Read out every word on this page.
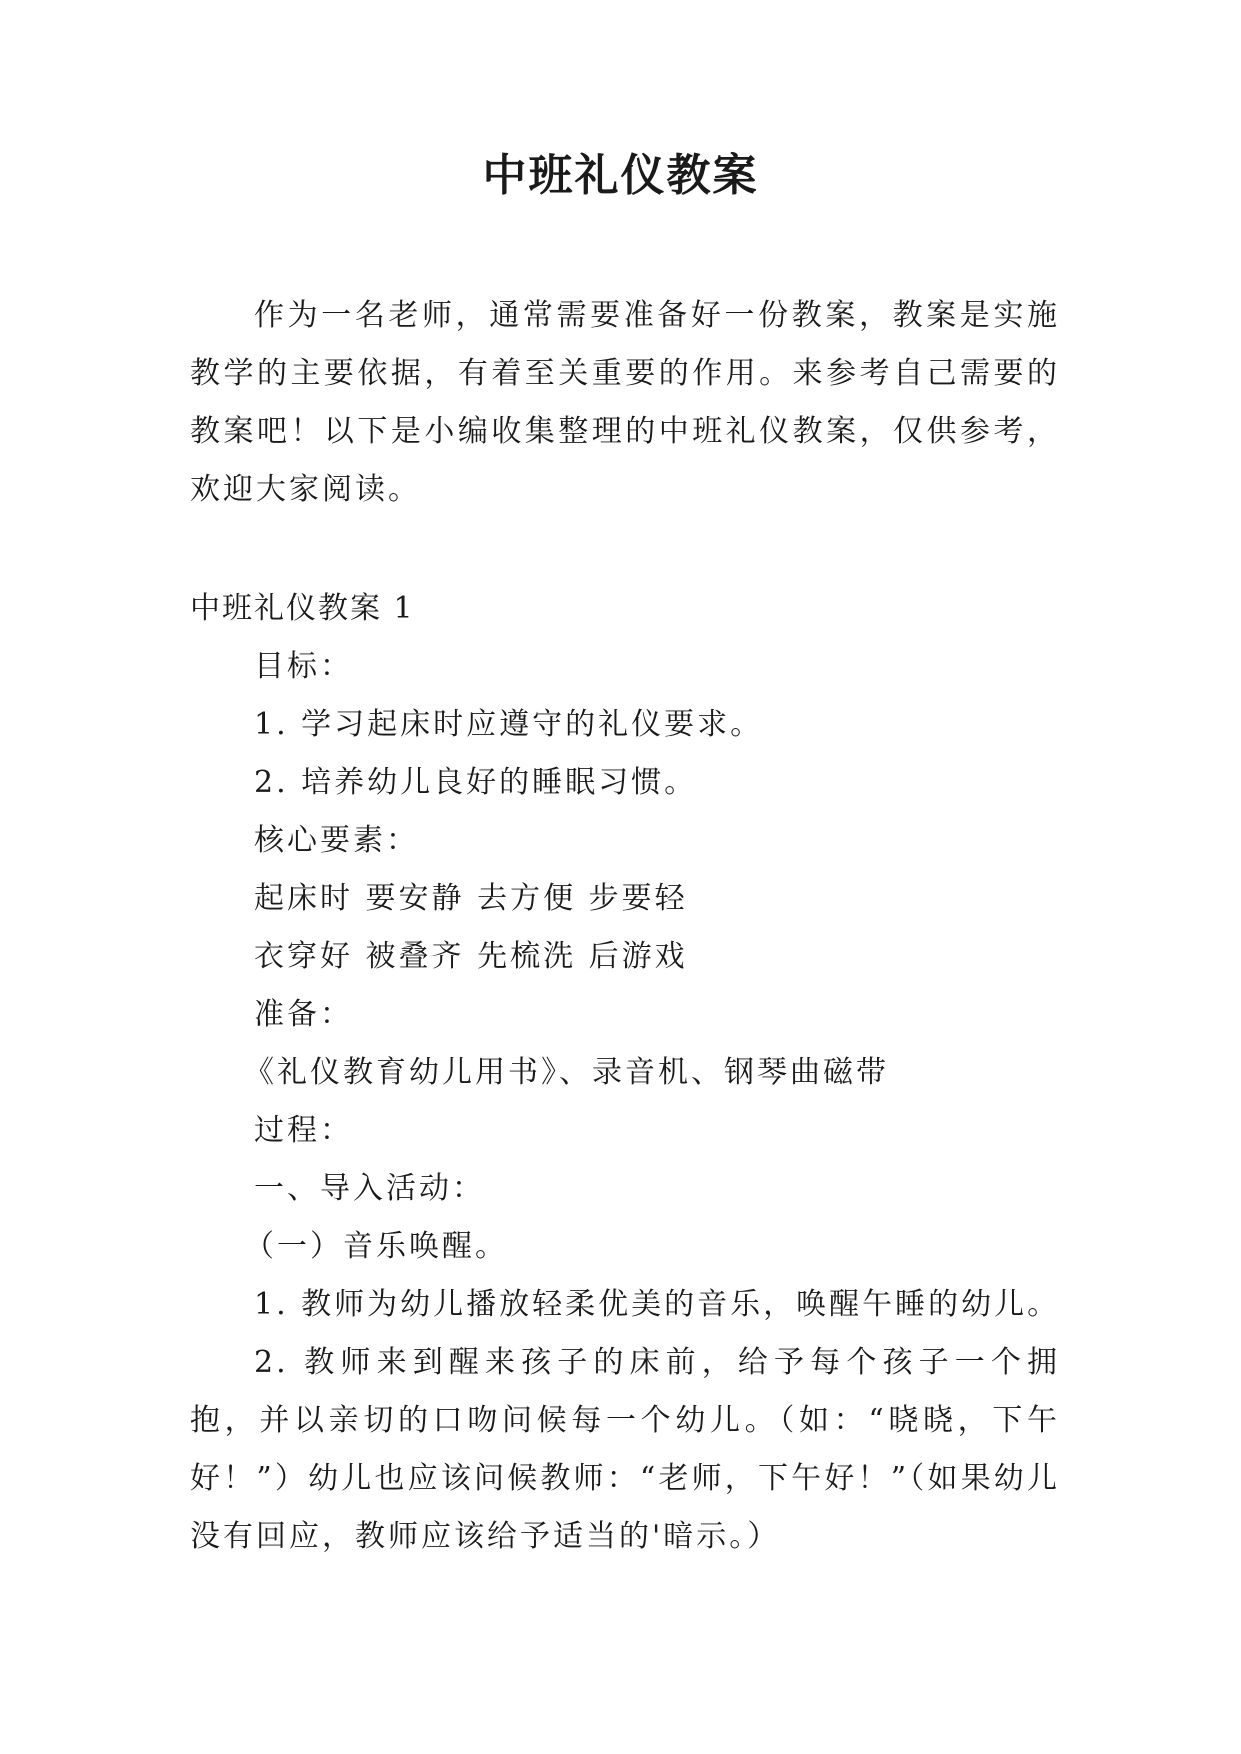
中班礼仪教案

作为一名老师，通常需要准备好一份教案，教案是实施教学的主要依据，有着至关重要的作用。来参考自己需要的教案吧！以下是小编收集整理的中班礼仪教案，仅供参考，欢迎大家阅读。

中班礼仪教案 1
目标：
1. 学习起床时应遵守的礼仪要求。
2. 培养幼儿良好的睡眠习惯。
核心要素：
起床时 要安静 去方便 步要轻
衣穿好 被叠齐 先梳洗 后游戏
准备：
《礼仪教育幼儿用书》、录音机、钢琴曲磁带
过程：
一、导入活动：
（一）音乐唤醒。
1. 教师为幼儿播放轻柔优美的音乐，唤醒午睡的幼儿。

2. 教师来到醒来孩子的床前，给予每个孩子一个拥抱，并以亲切的口吻问候每一个幼儿。（如：“晓晓，下午好！”）幼儿也应该问候教师：“老师，下午好！”（如果幼儿没有回应，教师应该给予适当的'暗示。）
